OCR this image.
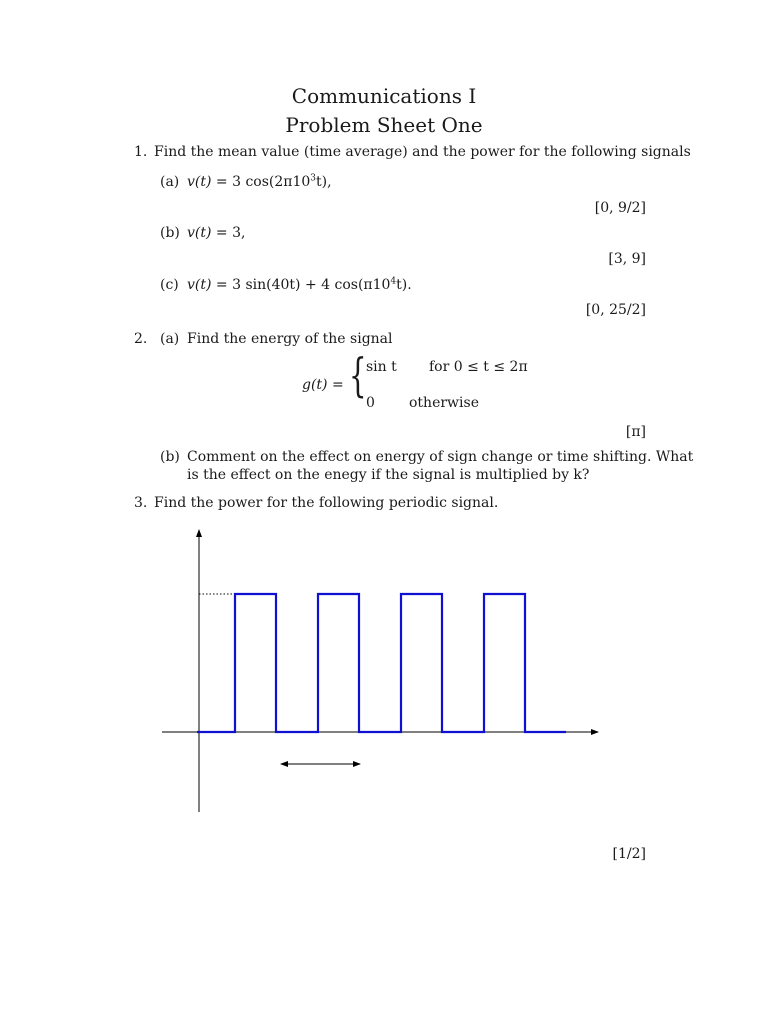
Communications I
Problem Sheet One
1. Find the mean value (time average) and the power for the following signals
(a) v(t) = 3 $\cos(2\pi 10^3t)$,
[0, 9/2]
(b) v(t) = 3,
[3, 9]
(c) v(t) = 3 sin(40t) + 4 $\cos(\pi 10^4t)$.
[0, 25/2]
2. (a) Find the energy of the signal
g(t) = { sin t for 0 ≤ t ≤ 2π
0 otherwise
[π]
(b) Comment on the effect on energy of sign change or time shifting. What
is the effect on the enegy if the signal is multiplied by k?
3. Find the power for the following periodic signal.
[1/2]
